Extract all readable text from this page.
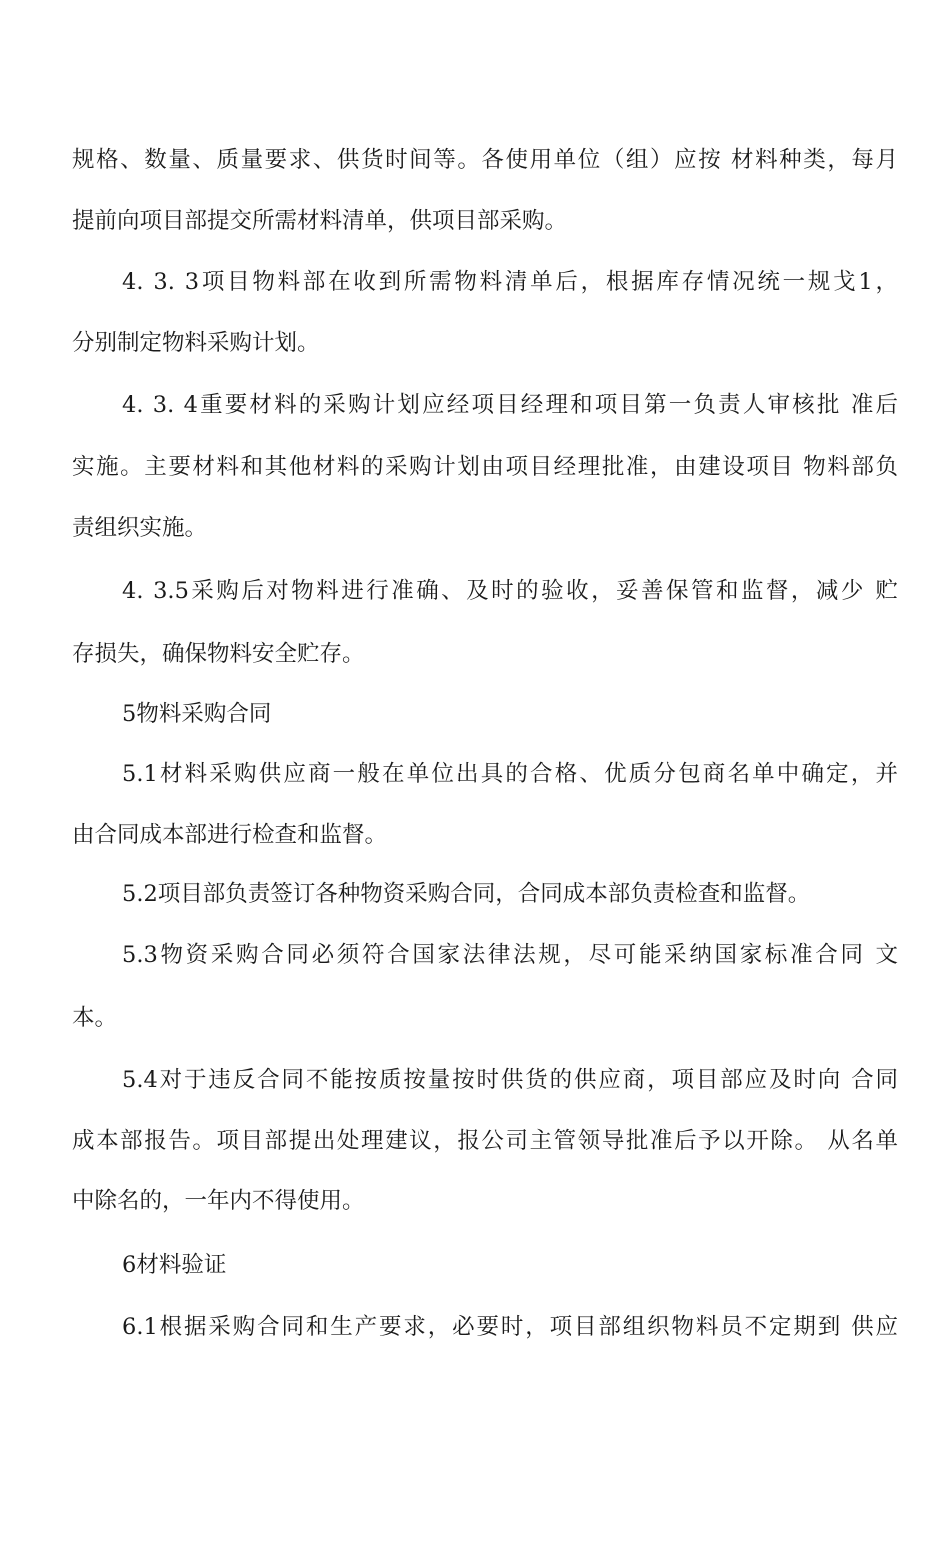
规格、数量、质量要求、供货时间等。各使用单位（组）应按 材料种类，每月
提前向项目部提交所需材料清单，供项目部采购。
4. 3. 3项目物料部在收到所需物料清单后，根据库存情况统一规戈1，
分别制定物料采购计划。
4. 3. 4重要材料的采购计划应经项目经理和项目第一负责人审核批 准后
实施。主要材料和其他材料的采购计划由项目经理批准，由建设项目 物料部负
责组织实施。
4. 3.5采购后对物料进行准确、及时的验收，妥善保管和监督，减少 贮
存损失，确保物料安全贮存。
5物料采购合同
5.1材料采购供应商一般在单位出具的合格、优质分包商名单中确定，并
由合同成本部进行检查和监督。
5.2项目部负责签订各种物资采购合同，合同成本部负责检查和监督。
5.3物资采购合同必须符合国家法律法规，尽可能采纳国家标准合同 文
本。
5.4对于违反合同不能按质按量按时供货的供应商，项目部应及时向 合同
成本部报告。项目部提出处理建议，报公司主管领导批准后予以开除。 从名单
中除名的，一年内不得使用。
6材料验证
6.1根据采购合同和生产要求，必要时，项目部组织物料员不定期到 供应
